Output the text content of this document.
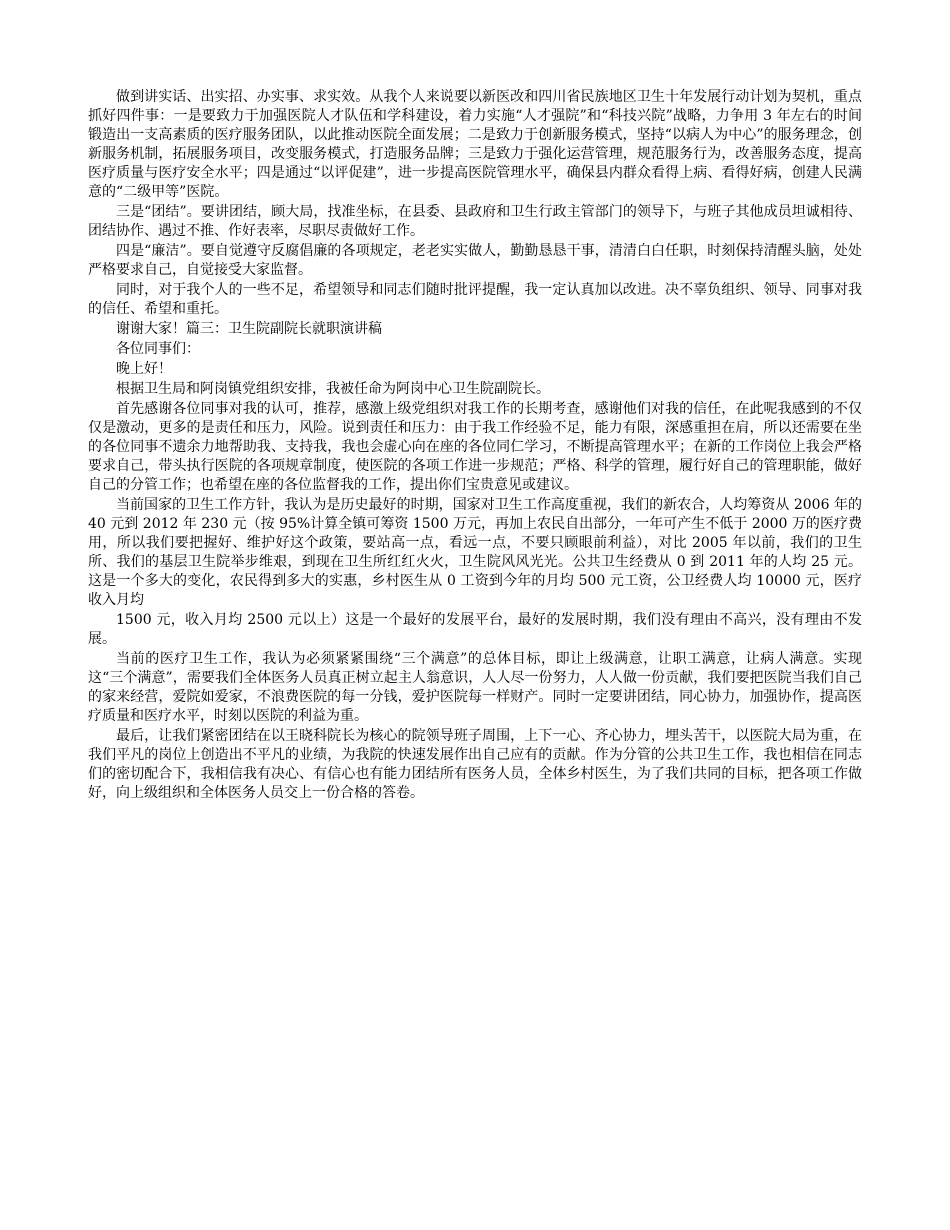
做到讲实话、出实招、办实事、求实效。从我个人来说要以新医改和四川省民族地区卫生十年发展行动计划为契机，重点抓好四件事：一是要致力于加强医院人才队伍和学科建设，着力实施“人才强院”和“科技兴院”战略，力争用 3 年左右的时间锻造出一支高素质的医疗服务团队，以此推动医院全面发展；二是致力于创新服务模式，坚持“以病人为中心”的服务理念，创新服务机制，拓展服务项目，改变服务模式，打造服务品牌；三是致力于强化运营管理，规范服务行为，改善服务态度，提高医疗质量与医疗安全水平；四是通过“以评促建”，进一步提高医院管理水平，确保县内群众看得上病、看得好病，创建人民满意的“二级甲等”医院。

三是“团结”。要讲团结，顾大局，找准坐标，在县委、县政府和卫生行政主管部门的领导下，与班子其他成员坦诚相待、团结协作、遇过不推、作好表率，尽职尽责做好工作。

四是“廉洁”。要自觉遵守反腐倡廉的各项规定，老老实实做人，勤勤恳恳干事，清清白白任职，时刻保持清醒头脑，处处严格要求自己，自觉接受大家监督。

同时，对于我个人的一些不足，希望领导和同志们随时批评提醒，我一定认真加以改进。决不辜负组织、领导、同事对我的信任、希望和重托。

谢谢大家！篇三：卫生院副院长就职演讲稿

各位同事们：

晚上好！

根据卫生局和阿岗镇党组织安排，我被任命为阿岗中心卫生院副院长。

首先感谢各位同事对我的认可，推荐，感激上级党组织对我工作的长期考查，感谢他们对我的信任，在此呢我感到的不仅仅是激动，更多的是责任和压力，风险。说到责任和压力：由于我工作经验不足，能力有限，深感重担在肩，所以还需要在坐的各位同事不遗余力地帮助我、支持我，我也会虚心向在座的各位同仁学习，不断提高管理水平；在新的工作岗位上我会严格要求自己，带头执行医院的各项规章制度，使医院的各项工作进一步规范；严格、科学的管理，履行好自己的管理职能，做好自己的分管工作；也希望在座的各位监督我的工作，提出你们宝贵意见或建议。

当前国家的卫生工作方针，我认为是历史最好的时期，国家对卫生工作高度重视，我们的新农合，人均筹资从 2006 年的 40 元到 2012 年 230 元（按 95%计算全镇可筹资 1500 万元，再加上农民自出部分，一年可产生不低于 2000 万的医疗费用，所以我们要把握好、维护好这个政策，要站高一点，看远一点，不要只顾眼前利益），对比 2005 年以前，我们的卫生所、我们的基层卫生院举步维艰，到现在卫生所红红火火，卫生院风风光光。公共卫生经费从 0 到 2011 年的人均 25 元。这是一个多大的变化，农民得到多大的实惠，乡村医生从 0 工资到今年的月均 500 元工资，公卫经费人均 10000 元，医疗收入月均

1500 元，收入月均 2500 元以上）这是一个最好的发展平台，最好的发展时期，我们没有理由不高兴，没有理由不发展。

当前的医疗卫生工作，我认为必须紧紧围绕“三个满意”的总体目标，即让上级满意，让职工满意，让病人满意。实现这“三个满意”，需要我们全体医务人员真正树立起主人翁意识，人人尽一份努力，人人做一份贡献，我们要把医院当我们自己的家来经营，爱院如爱家，不浪费医院的每一分钱，爱护医院每一样财产。同时一定要讲团结，同心协力，加强协作，提高医疗质量和医疗水平，时刻以医院的利益为重。

最后，让我们紧密团结在以王晓科院长为核心的院领导班子周围，上下一心、齐心协力，埋头苦干，以医院大局为重，在我们平凡的岗位上创造出不平凡的业绩，为我院的快速发展作出自己应有的贡献。作为分管的公共卫生工作，我也相信在同志们的密切配合下，我相信我有决心、有信心也有能力团结所有医务人员，全体乡村医生，为了我们共同的目标，把各项工作做好，向上级组织和全体医务人员交上一份合格的答卷。
